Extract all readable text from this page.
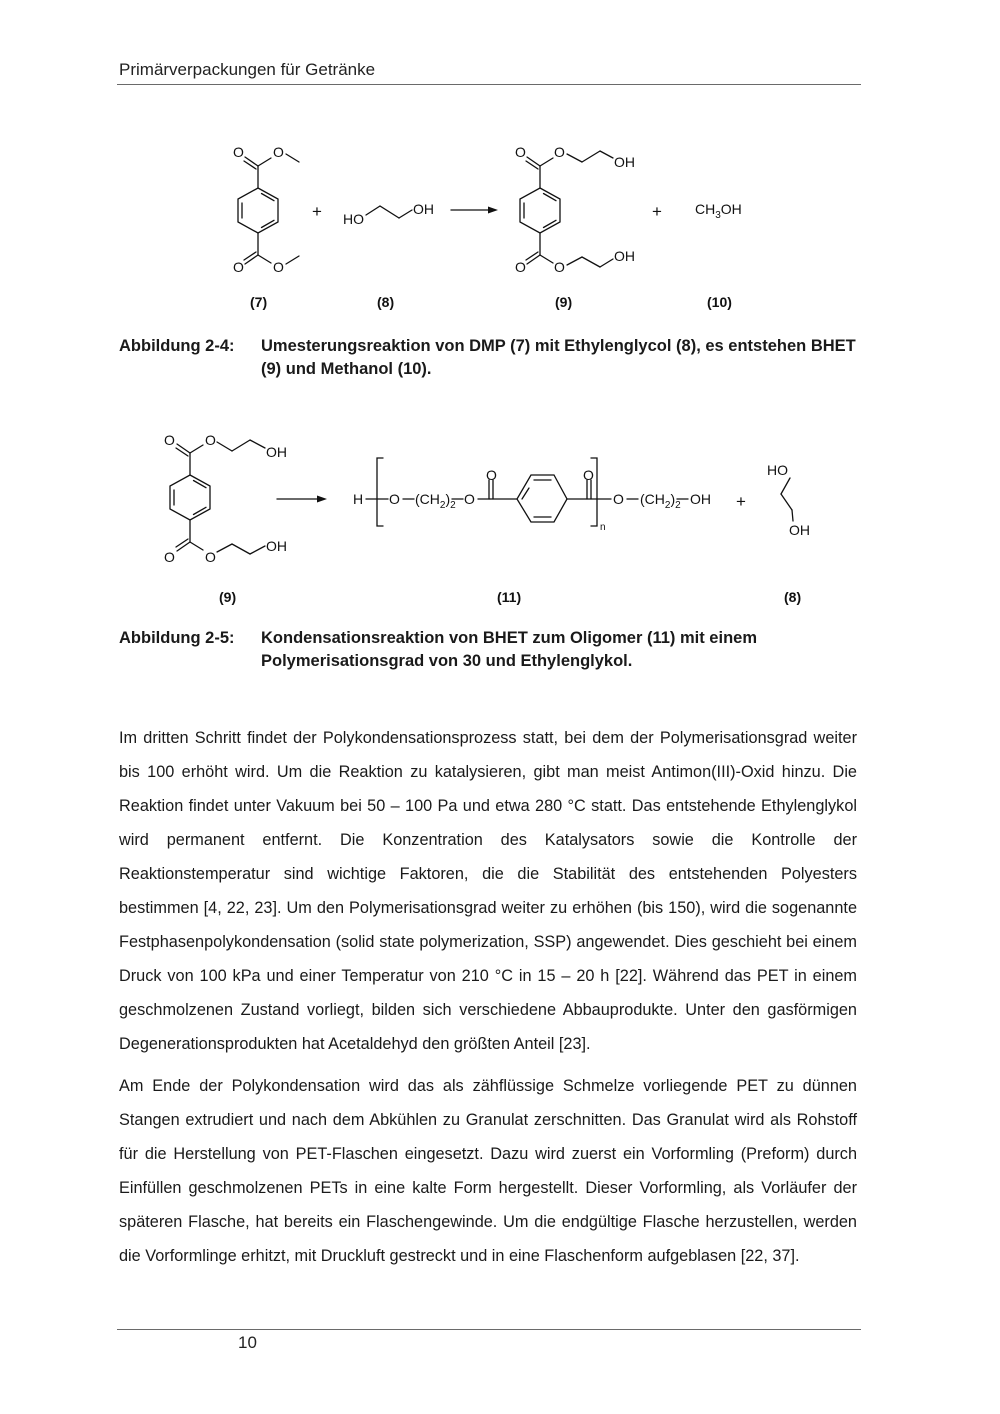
Primärverpackungen für Getränke
O O
O O
+ HO
OH
O O
OH
O O
OH
+ $CH_3OH$
(7)	(8)	(9)	(10)
Abbildung 2-4:	Umesterungsreaktion von DMP (7) mit Ethylenglycol (8), es entstehen BHET (9) und Methanol (10).
O O
OH
O O
OH
H O $(CH_2)_2$ O
O	O
n
O $(CH_2)_2$ OH +
HO
OH
(9)	(11)	(8)
Abbildung 2-5:	Kondensationsreaktion von BHET zum Oligomer (11) mit einem Polymerisationsgrad von 30 und Ethylenglykol.

Im dritten Schritt findet der Polykondensationsprozess statt, bei dem der Polymerisationsgrad weiter bis 100 erhöht wird. Um die Reaktion zu katalysieren, gibt man meist Antimon(III)-Oxid hinzu. Die Reaktion findet unter Vakuum bei 50 – 100 Pa und etwa 280 °C statt. Das entstehende Ethylenglykol wird permanent entfernt. Die Konzentration des Katalysators sowie die Kontrolle der Reaktionstemperatur sind wichtige Faktoren, die die Stabilität des entstehenden Polyesters bestimmen [4, 22, 23]. Um den Polymerisationsgrad weiter zu erhöhen (bis 150), wird die sogenannte Festphasenpolykondensation (solid state polymerization, SSP) angewendet. Dies geschieht bei einem Druck von 100 kPa und einer Temperatur von 210 °C in 15 – 20 h [22]. Während das PET in einem geschmolzenen Zustand vorliegt, bilden sich verschiedene Abbauprodukte. Unter den gasförmigen Degenerationsprodukten hat Acetaldehyd den größten Anteil [23].

Am Ende der Polykondensation wird das als zähflüssige Schmelze vorliegende PET zu dünnen Stangen extrudiert und nach dem Abkühlen zu Granulat zerschnitten. Das Granulat wird als Rohstoff für die Herstellung von PET-Flaschen eingesetzt. Dazu wird zuerst ein Vorformling (Preform) durch Einfüllen geschmolzenen PETs in eine kalte Form hergestellt. Dieser Vorformling, als Vorläufer der späteren Flasche, hat bereits ein Flaschengewinde. Um die endgültige Flasche herzustellen, werden die Vorformlinge erhitzt, mit Druckluft gestreckt und in eine Flaschenform aufgeblasen [22, 37].

10
